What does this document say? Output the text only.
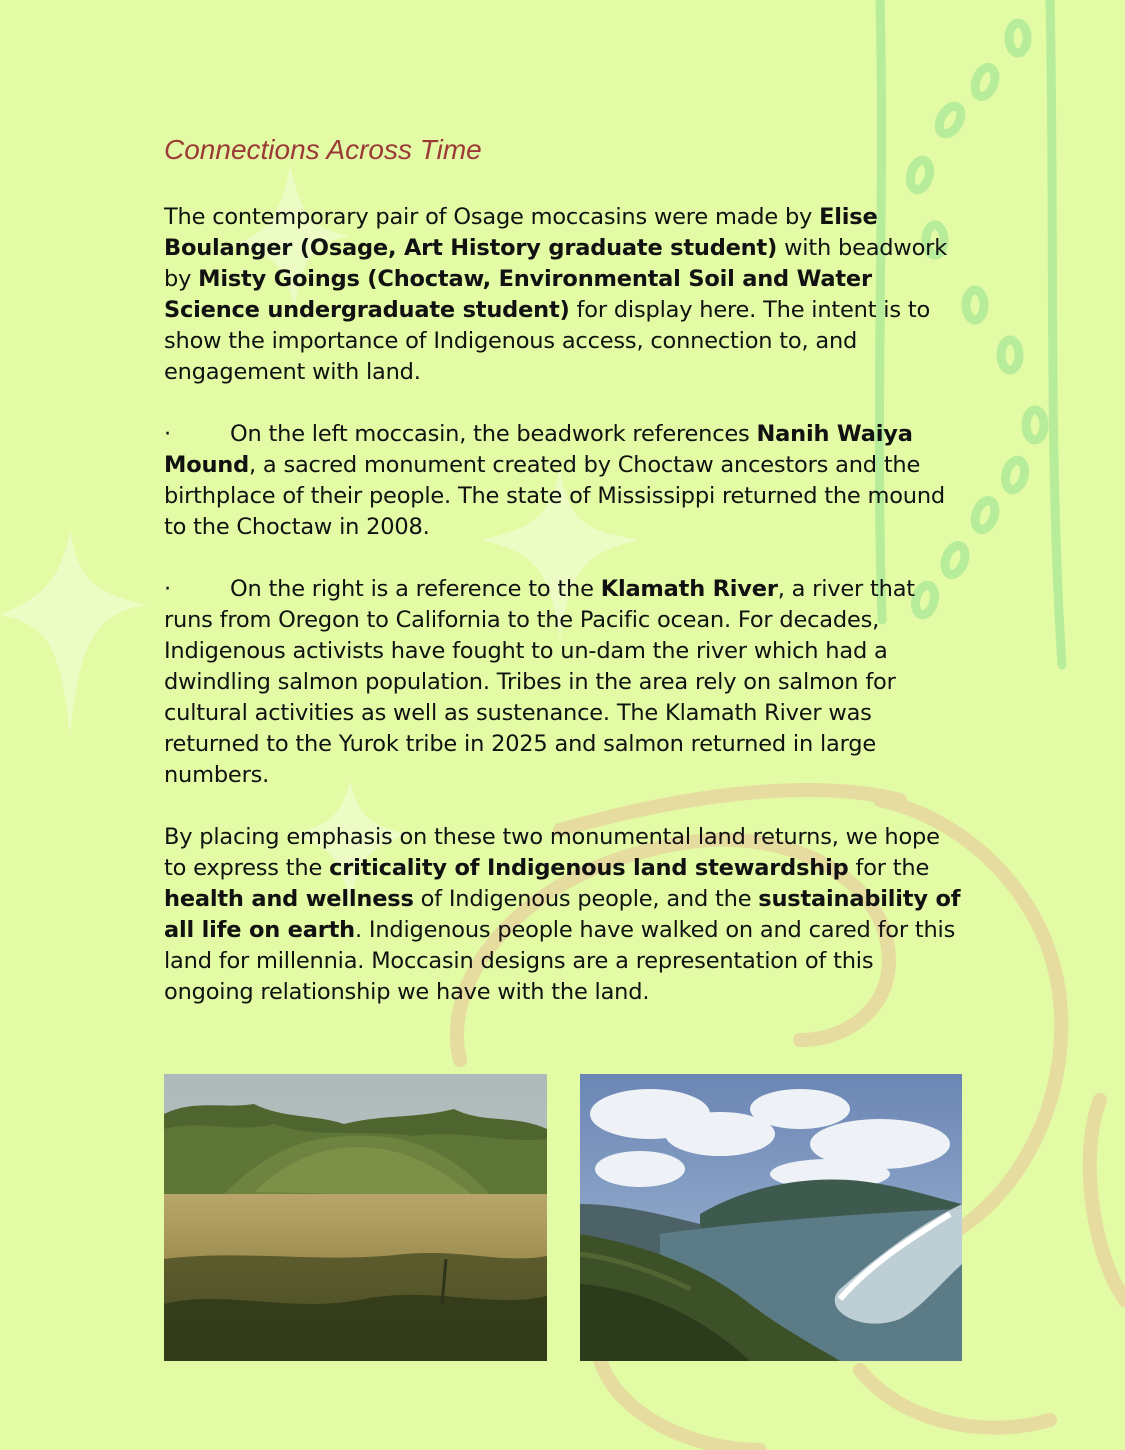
Connections Across Time

The contemporary pair of Osage moccasins were made by Elise Boulanger (Osage, Art History graduate student) with beadwork by Misty Goings (Choctaw, Environmental Soil and Water Science undergraduate student) for display here. The intent is to show the importance of Indigenous access, connection to, and engagement with land.

·	On the left moccasin, the beadwork references Nanih Waiya Mound, a sacred monument created by Choctaw ancestors and the birthplace of their people. The state of Mississippi returned the mound to the Choctaw in 2008.

·	On the right is a reference to the Klamath River, a river that runs from Oregon to California to the Pacific ocean. For decades, Indigenous activists have fought to un-dam the river which had a dwindling salmon population. Tribes in the area rely on salmon for cultural activities as well as sustenance. The Klamath River was returned to the Yurok tribe in 2025 and salmon returned in large numbers.

By placing emphasis on these two monumental land returns, we hope to express the criticality of Indigenous land stewardship for the health and wellness of Indigenous people, and the sustainability of all life on earth. Indigenous people have walked on and cared for this land for millennia. Moccasin designs are a representation of this ongoing relationship we have with the land.
